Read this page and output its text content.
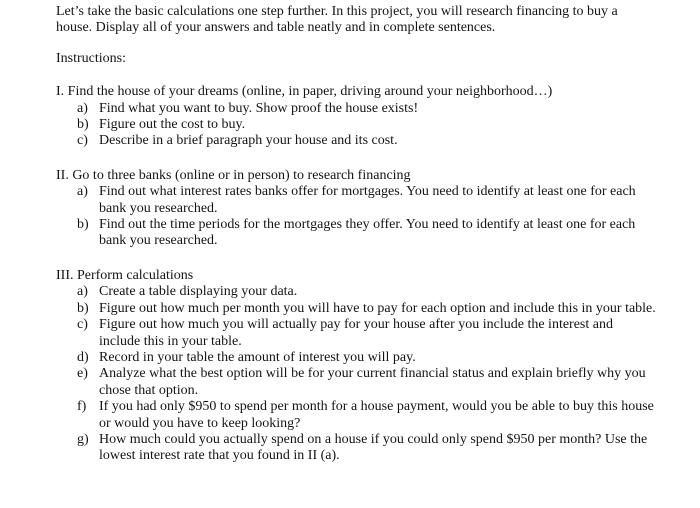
Let’s take the basic calculations one step further. In this project, you will research financing to buy a house. Display all of your answers and table neatly and in complete sentences.

Instructions:

I. Find the house of your dreams (online, in paper, driving around your neighborhood…)

a) Find what you want to buy. Show proof the house exists!
b) Figure out the cost to buy.
c) Describe in a brief paragraph your house and its cost.

II. Go to three banks (online or in person) to research financing

a) Find out what interest rates banks offer for mortgages. You need to identify at least one for each bank you researched.
b) Find out the time periods for the mortgages they offer. You need to identify at least one for each bank you researched.

III. Perform calculations

a) Create a table displaying your data.
b) Figure out how much per month you will have to pay for each option and include this in your table.
c) Figure out how much you will actually pay for your house after you include the interest and include this in your table.
d) Record in your table the amount of interest you will pay.
e) Analyze what the best option will be for your current financial status and explain briefly why you chose that option.
f) If you had only $950 to spend per month for a house payment, would you be able to buy this house or would you have to keep looking?
g) How much could you actually spend on a house if you could only spend $950 per month? Use the lowest interest rate that you found in II (a).
